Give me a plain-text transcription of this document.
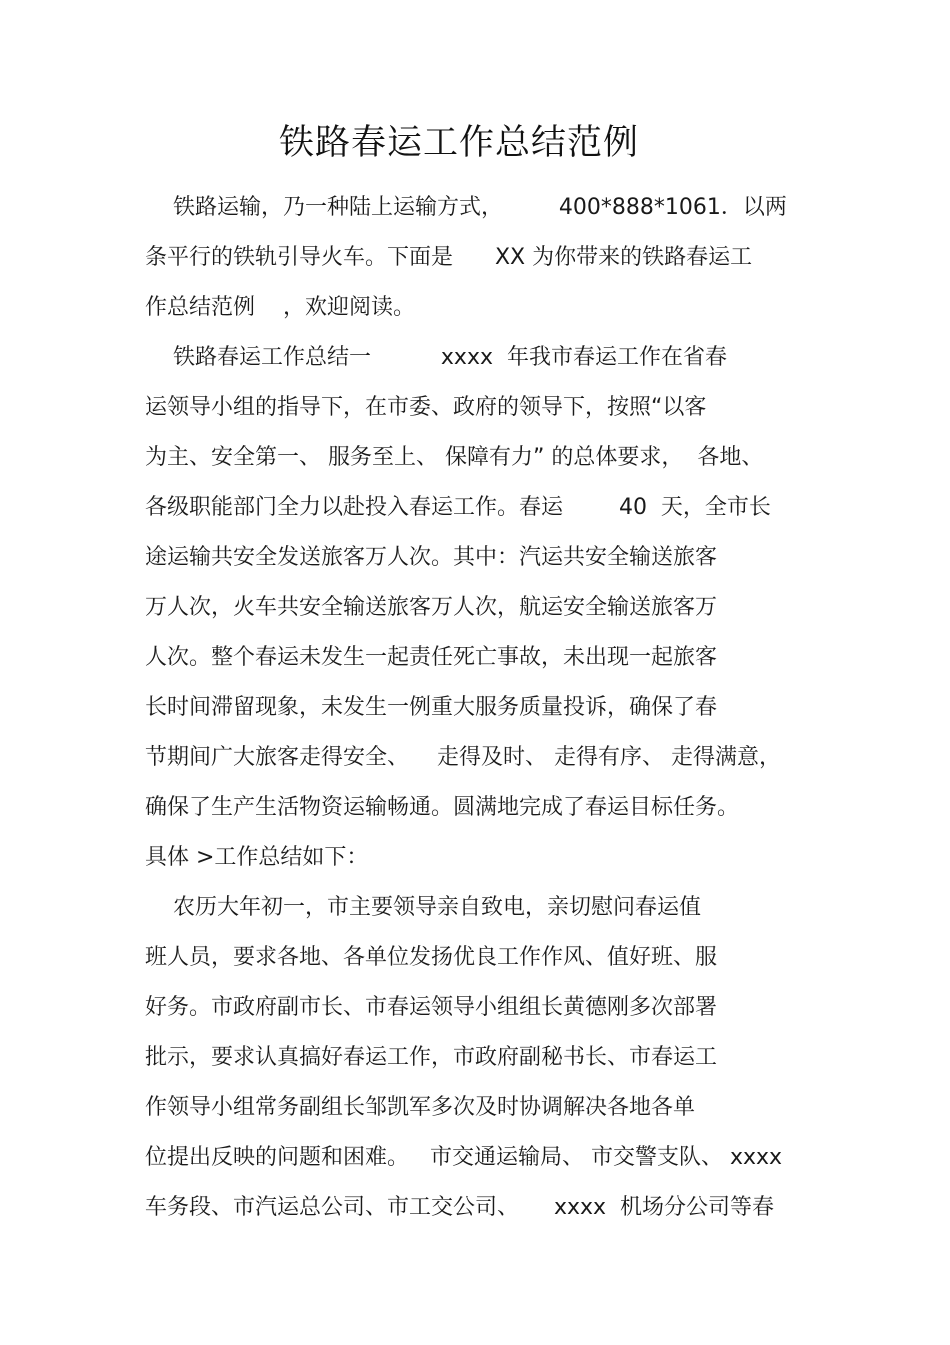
铁路春运工作总结范例
铁路运输，乃一种陆上运输方式，        400*888*1061．以两
条平行的铁轨引导火车。下面是      XX 为你带来的铁路春运工
作总结范例    ，欢迎阅读。
铁路春运工作总结一          xxxx  年我市春运工作在省春
运领导小组的指导下，在市委、政府的领导下，按照“以客
为主、安全第一、 服务至上、 保障有力” 的总体要求，  各地、
各级职能部门全力以赴投入春运工作。春运        40  天，全市长
途运输共安全发送旅客万人次。其中：汽运共安全输送旅客
万人次，火车共安全输送旅客万人次，航运安全输送旅客万
人次。整个春运未发生一起责任死亡事故，未出现一起旅客
长时间滞留现象，未发生一例重大服务质量投诉，确保了春
节期间广大旅客走得安全、    走得及时、 走得有序、 走得满意，
确保了生产生活物资运输畅通。圆满地完成了春运目标任务。
具体 >工作总结如下：
农历大年初一，市主要领导亲自致电，亲切慰问春运值
班人员，要求各地、各单位发扬优良工作作风、值好班、服
好务。市政府副市长、市春运领导小组组长黄德刚多次部署
批示，要求认真搞好春运工作，市政府副秘书长、市春运工
作领导小组常务副组长邹凯军多次及时协调解决各地各单
位提出反映的问题和困难。   市交通运输局、 市交警支队、 xxxx
车务段、市汽运总公司、市工交公司、     xxxx  机场分公司等春
